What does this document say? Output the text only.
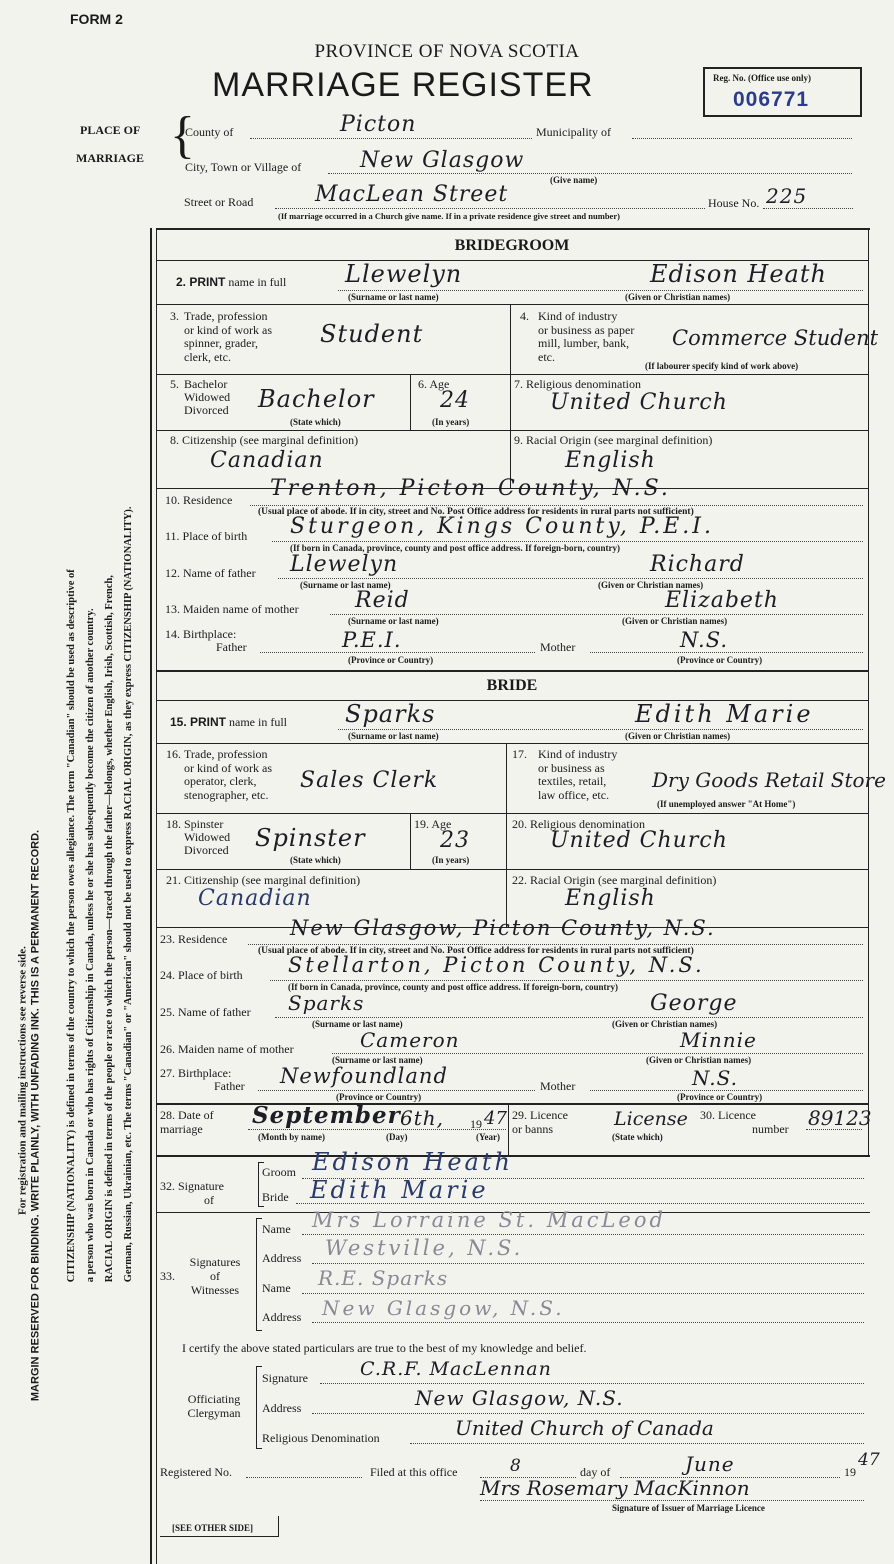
FORM 2
PROVINCE OF NOVA SCOTIA
MARRIAGE REGISTER	Reg. No. (Office use only)
006771
PLACE OF
MARRIAGE {
County of	Picton	Municipality of
City, Town or Village of	New Glasgow
(Give name)
Street or Road	MacLean Street	House No. 225
(If marriage occurred in a Church give name. If in a private residence give street and number)
For registration and mailing instructions see reverse side. MARGIN RESERVED FOR BINDING. WRITE PLAINLY, WITH UNFADING INK. THIS IS A PERMANENT RECORD. CITIZENSHIP (NATIONALITY) is defined in terms of the country to which the person owes allegiance. The term "Canadian" should be used as descriptive of a person who was born in Canada or who has rights of Citizenship in Canada, unless he or she has subsequently become the citizen of another country. RACIAL ORIGIN is defined in terms of the people or race to which the person—traced through the father—belongs, whether English, Irish, Scottish, French, German, Russian, Ukrainian, etc. The terms "Canadian" or "American" should not be used to express RACIAL ORIGIN, as they express CITIZENSHIP (NATIONALITY).
BRIDEGROOM
2. PRINT name in full Llewelyn	Edison Heath
(Surname or last name)	(Given or Christian names)
3. Trade, profession
or kind of work as
spinner, grader,
clerk, etc.
Student
4. Kind of industry
or business as paper
mill, lumber, bank,
etc.
Commerce Student
(If labourer specify kind of work above)
5. Bachelor
Widowed
Divorced Bachelor
(State which)
6. Age
24
(In years)
7. Religious denomination
United Church
8. Citizenship (see marginal definition)
Canadian
9. Racial Origin (see marginal definition)
English
10. Residence Trenton, Picton County, N.S.
(Usual place of abode. If in city, street and No. Post Office address for residents in rural parts not sufficient)
11. Place of birth Sturgeon, Kings County, P.E.I.
(If born in Canada, province, county and post office address. If foreign-born, country)
12. Name of father Llewelyn	Richard
(Surname or last name)	(Given or Christian names)
13. Maiden name of mother	Reid	Elizabeth
(Surname or last name)	(Given or Christian names)
14. Birthplace:
Father	P.E.I.
(Province or Country)
Mother	N.S.
(Province or Country)
BRIDE
15. PRINT name in full Sparks	Edith Marie
(Surname or last name)	(Given or Christian names)
16. Trade, profession
or kind of work as
operator, clerk,
stenographer, etc.
Sales Clerk
17. Kind of industry
or business as
textiles, retail,
law office, etc.
Dry Goods Retail Store
(If unemployed answer "At Home")
18. Spinster
Widowed
Divorced Spinster
(State which)
19. Age
23
(In years)
20. Religious denomination
United Church
21. Citizenship (see marginal definition)
Canadian
22. Racial Origin (see marginal definition)
English
23. Residence	New Glasgow, Picton County, N.S.
(Usual place of abode. If in city, street and No. Post Office address for residents in rural parts not sufficient)
24. Place of birth Stellarton, Picton County, N.S.
(If born in Canada, province, county and post office address. If foreign-born, country)
25. Name of father Sparks	George
(Surname or last name)	(Given or Christian names)
26. Maiden name of mother	Cameron	Minnie
(Surname or last name)	(Given or Christian names)
27. Birthplace:
Father Newfoundland
(Province or Country)
Mother	N.S.
(Province or Country)
28. Date of
marriage	September 6th, 19 47
(Month by name)	(Day)	(Year)
29. Licence
or banns	License
(State which)
30. Licence
number 89123
32. Signature
of
Groom Edison Heath
Bride Edith Marie
33.
Signatures
of
Witnesses
Name Mrs Lorraine St. MacLeod
Address Westville, N.S.
Name R.E. Sparks
Address New Glasgow, N.S.
I certify the above stated particulars are true to the best of my knowledge and belief.
Officiating
Clergyman
Signature	C.R.F. MacLennan
Address	New Glasgow, N.S.
Religious Denomination	United Church of Canada
Registered No.	Filed at this office	8	day of	June	19
47
Mrs Rosemary MacKinnon
Signature of Issuer of Marriage Licence
[SEE OTHER SIDE]
